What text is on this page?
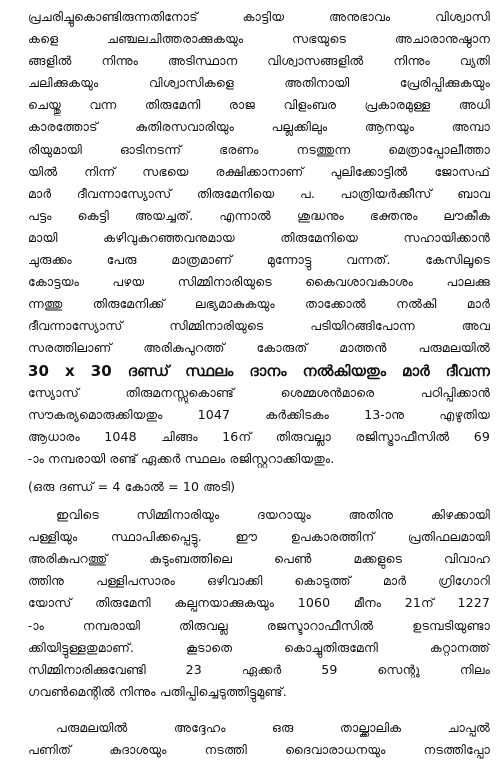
പ്രചരിച്ചുകൊണ്ടിരുന്നതിനോട് കാട്ടിയ അനുഭാവം വിശ്വാസി
കളെ ചഞ്ചലചിത്തരാക്കുകയും സഭയുടെ അചാരാനുഷ്ഠാന
ങ്ങളിൽ നിന്നും അടിസ്ഥാന വിശ്വാസങ്ങളിൽ നിന്നും വ്യതി
ചലിക്കുകയും വിശ്വാസികളെ അതിനായി പ്രേരിപ്പിക്കുകയും
ചെയ്തു വന്ന തിരുമേനി രാജ വിളംബര പ്രകാരമുള്ള അധി
കാരത്തോട് കുതിരസവാരിയും പല്ലക്കിലും ആനയും അമ്പാ
രിയുമായി ഓടിനടന്ന് ഭരണം നടത്തുന്ന മെത്രാപ്പോലീത്താ
യിൽ നിന്ന് സഭയെ രക്ഷിക്കാനാണ് പുലിക്കോട്ടിൽ ജോസഫ്
മാർ ദീവന്നാസ്യോസ് തിരുമേനിയെ പ. പാത്രിയർക്കീസ് ബാവ
പട്ടം കെട്ടി അയച്ചത്. എന്നാൽ ശുദ്ധനും ഭക്തനും ലൗകീക
മായി കഴിവുകുറഞ്ഞവനുമായ തിരുമേനിയെ സഹായിക്കാൻ
ചുരുക്കം പേരു മാത്രമാണ് മുന്നോട്ടു വന്നത്. കേസിലൂടെ
കോട്ടയം പഴയ സിമ്മിനാരിയുടെ കൈവശാവകാശം പാലക്കു
ന്നത്തു തിരുമേനിക്ക് ലഭ്യമാകുകയും താക്കോൽ നൽകി മാർ
ദീവന്നാസ്യോസ് സിമ്മിനാരിയുടെ പടിയിറങ്ങിപോന്ന അവ
സരത്തിലാണ് അരികുപുറത്ത് കോരുത് മാത്തൻ പരുമലയിൽ
30 x 30 ദണ്ഡ് സ്ഥലം ദാനം നൽകിയതും മാർ ദീവന്ന
സ്യോസ് തിരുമനസ്സുകൊണ്ട് ശെമ്മശൻമാരെ പഠിപ്പിക്കാൻ
സൗകര്യമൊരുക്കിയതും 1047 കർക്കിടകം 13-ാനു എഴുതിയ
ആധാരം 1048 ചിങ്ങം 16ന് തിരുവല്ലാ രജിസ്ട്രാഫീസിൽ 69
-ാം നമ്പരായി രണ്ട് ഏക്കർ സ്ഥലം രജിസ്റ്ററാക്കിയതും.
(ഒരു ദണ്ഡ് = 4 കോൽ = 10 അടി)
ഇവിടെ സിമ്മിനാരിയും ദയറായും അതിനു കിഴക്കായി
പള്ളിയും സ്ഥാപിക്കപ്പെട്ടു. ഈ ഉപകാരത്തിന് പ്രതിഫലമായി
അരികുപറത്തു് കുടുംബത്തിലെ പെൺ മക്കളുടെ വിവാഹ
ത്തിനു പള്ളിപസാരം ഒഴിവാക്കി കൊടുത്ത് മാർ ഗ്രിഗോറി
യോസ് തിരുമേനി കല്പനയാക്കുകയും 1060 മീനം 21ന് 1227
-ാം നമ്പരായി തിരുവല്ല രജസ്ടാറാഫീസിൽ ഉടമ്പടിയുണ്ടാ
ക്കിയിട്ടുള്ളതുമാണ്. കൂടാതെ കൊച്ചുതിരുമേനി കറ്റാനത്ത്
സിമ്മിനാരിക്കുവേണ്ടി 23 ഏക്കർ 59 സെന്റു നിലം
ഗവൺമെന്റിൽ നിന്നും പതിപ്പിച്ചെടുത്തിട്ടുമുണ്ട്.
പരുമലയിൽ അദ്ദേഹം ഒരു താല്ക്കാലിക ചാപ്പൽ
പണിത് കുദാശയും നടത്തി ദൈവാരാധനയും നടത്തിപ്പോ
